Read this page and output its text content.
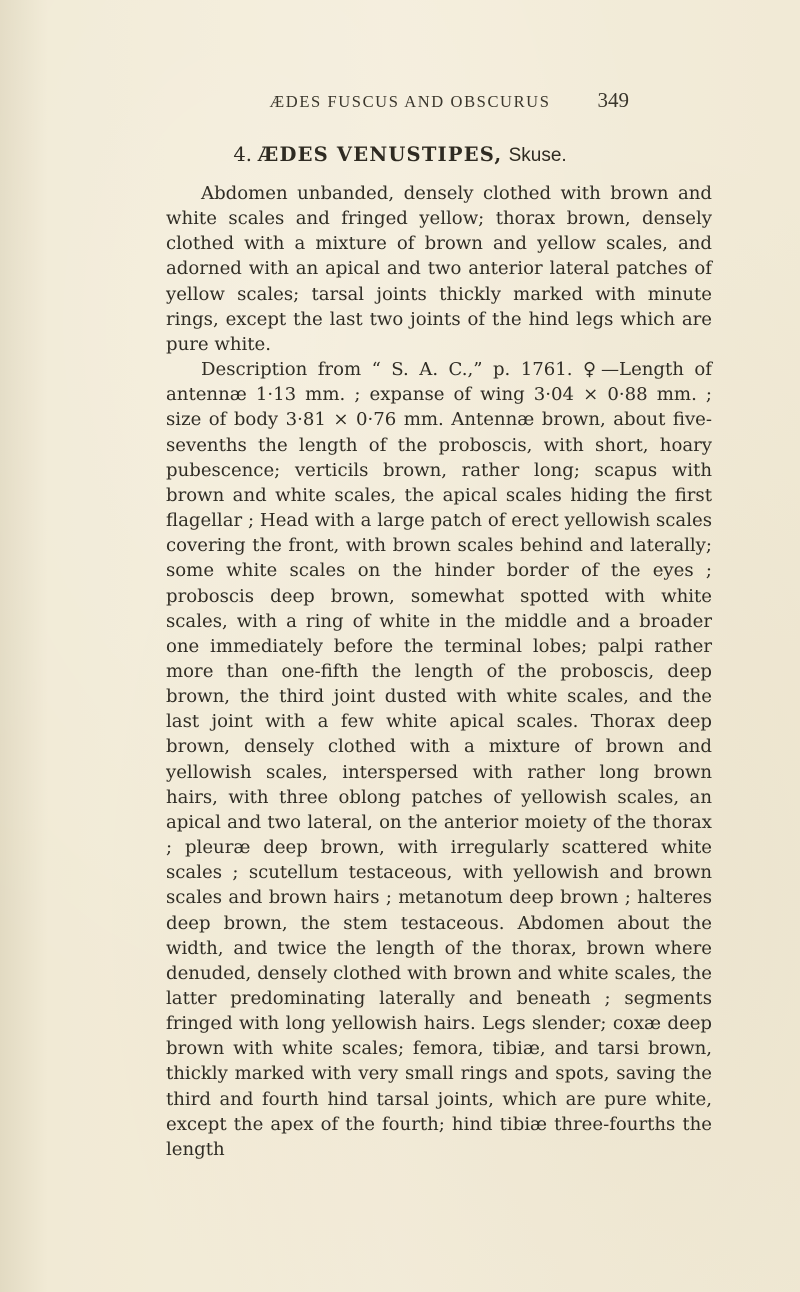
ÆDES FUSCUS AND OBSCURUS	349
4. ÆDES VENUSTIPES, Skuse.

Abdomen unbanded, densely clothed with brown and white scales and fringed yellow; thorax brown, densely clothed with a mixture of brown and yellow scales, and adorned with an apical and two anterior lateral patches of yellow scales; tarsal joints thickly marked with minute rings, except the last two joints of the hind legs which are pure white.

Description from “ S. A. C.,” p. 1761. ♀—Length of antennæ 1·13 mm. ; expanse of wing 3·04 × 0·88 mm. ; size of body 3·81 × 0·76 mm. Antennæ brown, about five-sevenths the length of the proboscis, with short, hoary pubescence; verticils brown, rather long; scapus with brown and white scales, the apical scales hiding the first flagellar ; Head with a large patch of erect yellowish scales covering the front, with brown scales behind and laterally; some white scales on the hinder border of the eyes ; proboscis deep brown, somewhat spotted with white scales, with a ring of white in the middle and a broader one immediately before the terminal lobes; palpi rather more than one-fifth the length of the proboscis, deep brown, the third joint dusted with white scales, and the last joint with a few white apical scales. Thorax deep brown, densely clothed with a mixture of brown and yellowish scales, interspersed with rather long brown hairs, with three oblong patches of yellowish scales, an apical and two lateral, on the anterior moiety of the thorax ; pleuræ deep brown, with irregularly scattered white scales ; scutellum testaceous, with yellowish and brown scales and brown hairs ; metanotum deep brown ; halteres deep brown, the stem testaceous. Abdomen about the width, and twice the length of the thorax, brown where denuded, densely clothed with brown and white scales, the latter predominating laterally and beneath ; segments fringed with long yellowish hairs. Legs slender; coxæ deep brown with white scales; femora, tibiæ, and tarsi brown, thickly marked with very small rings and spots, saving the third and fourth hind tarsal joints, which are pure white, except the apex of the fourth; hind tibiæ three-fourths the length
